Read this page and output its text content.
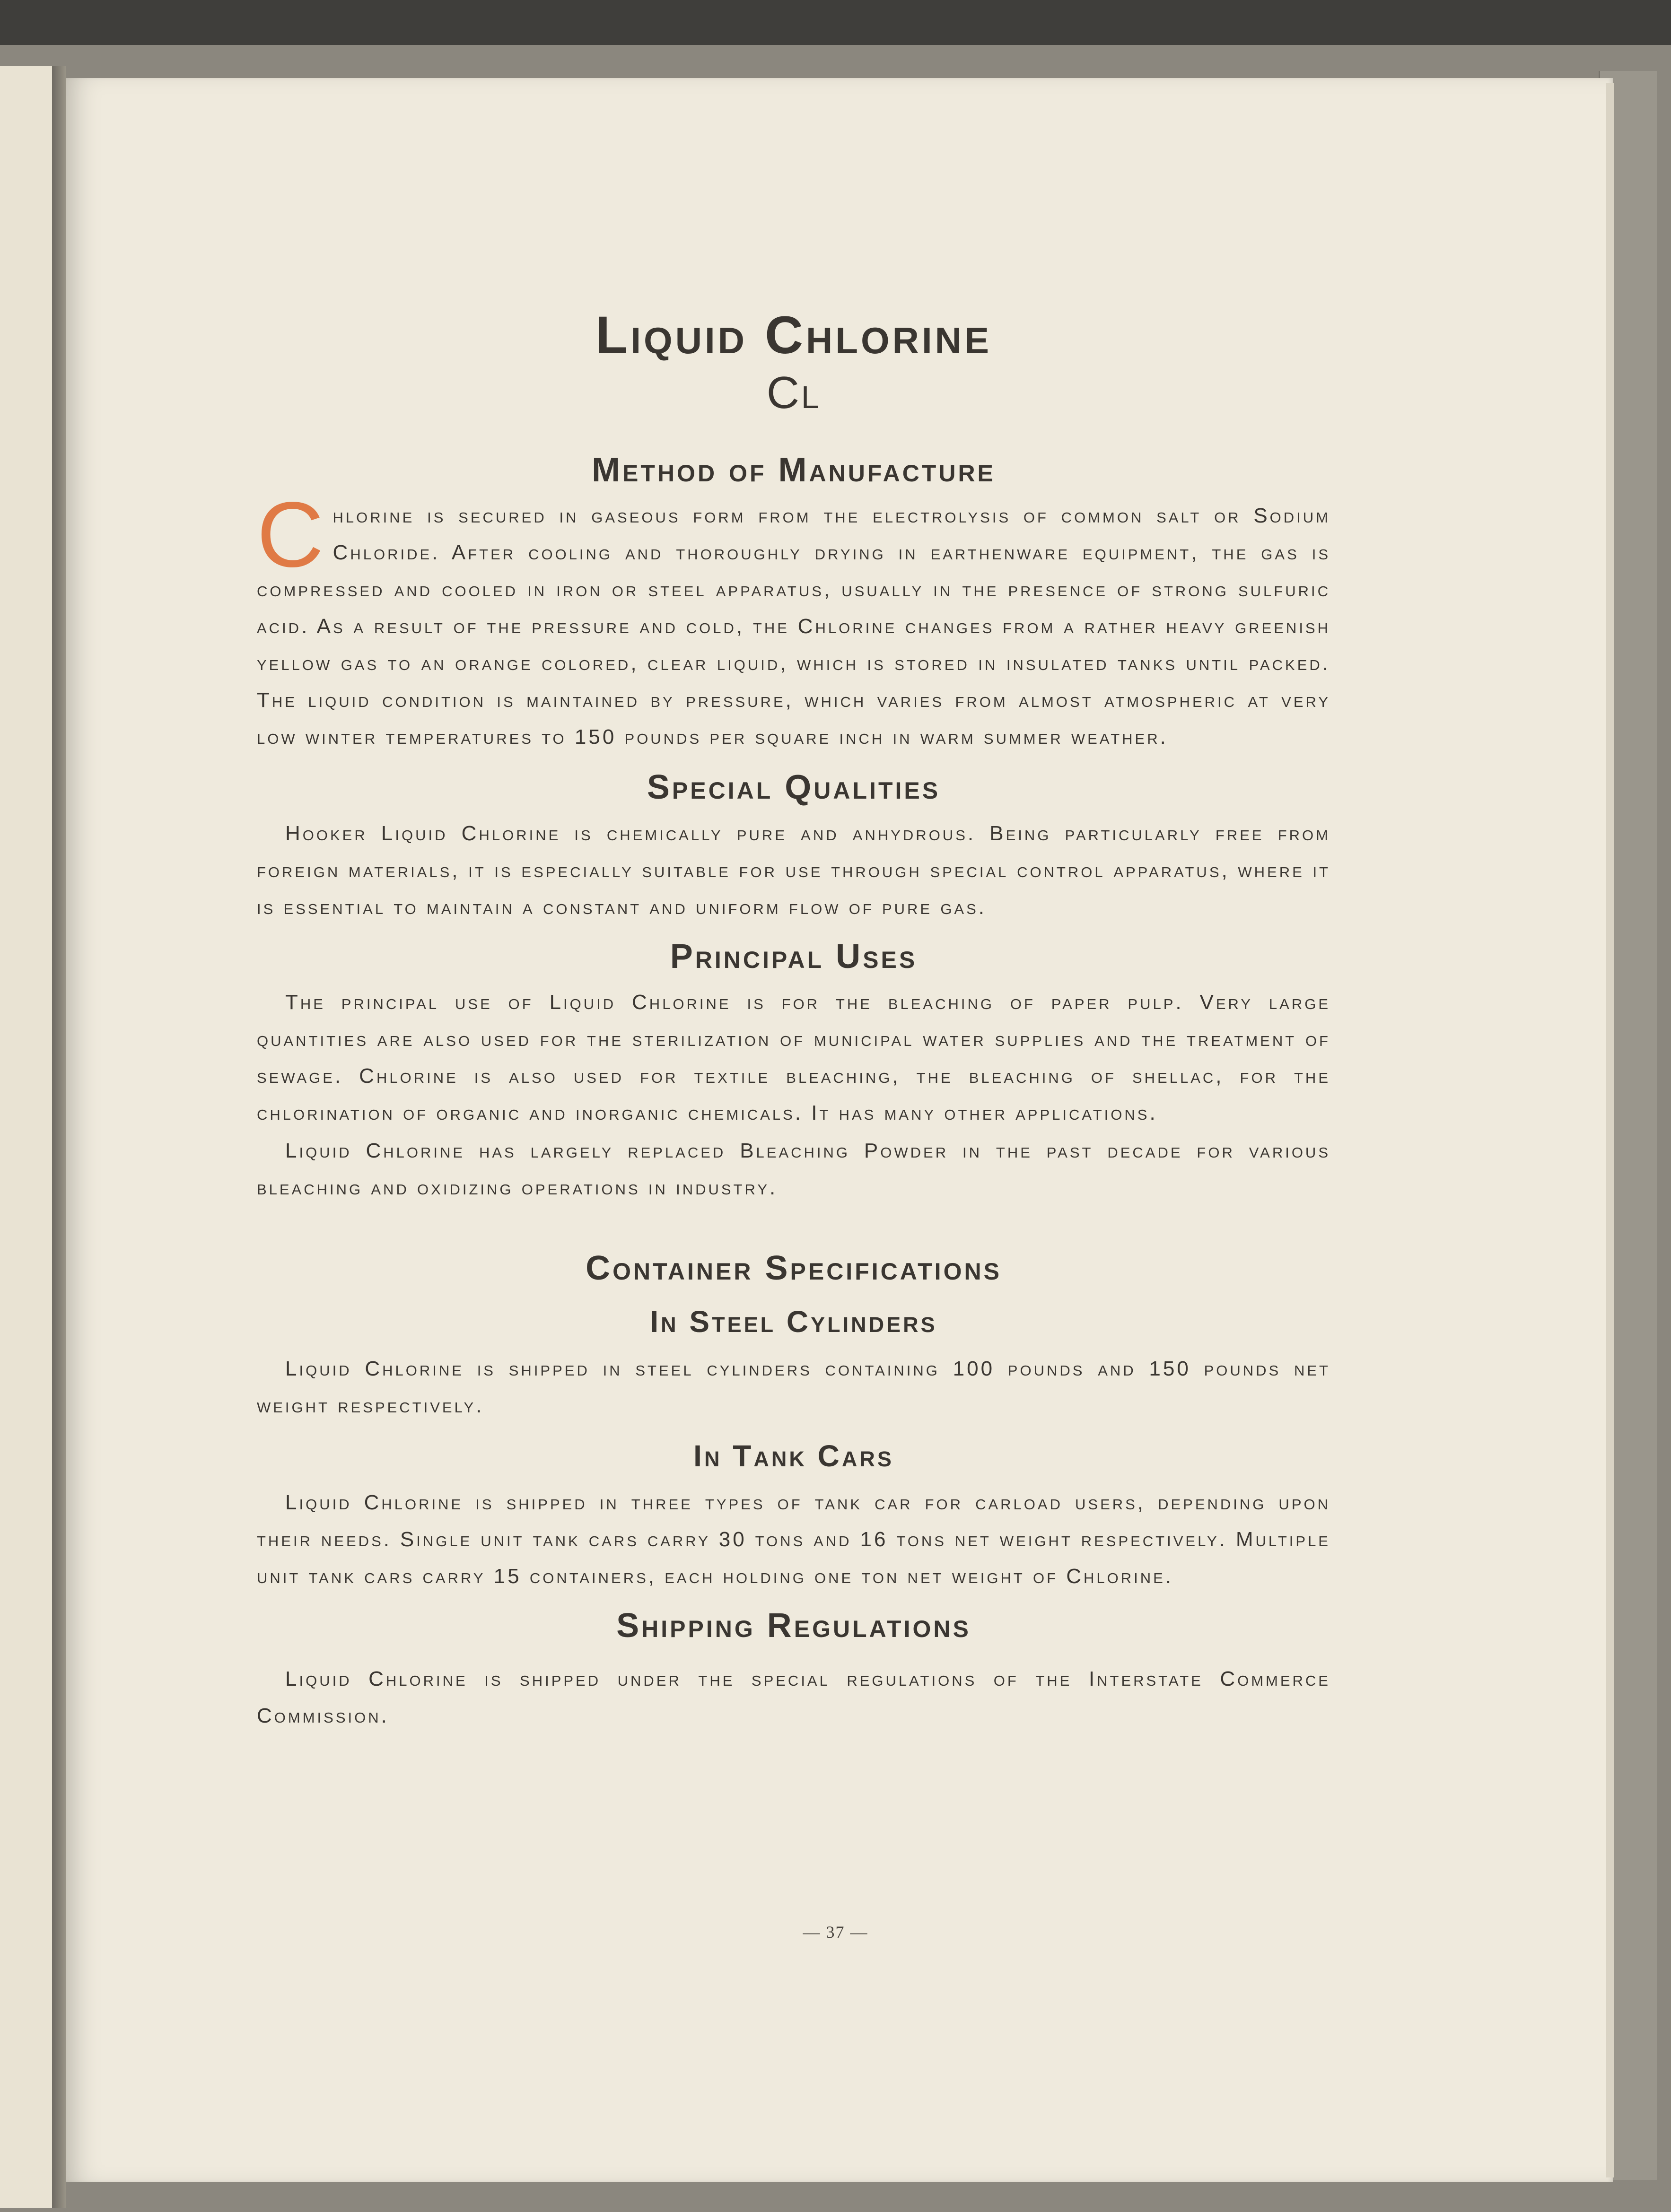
Liquid Chlorine
Cl
Method of Manufacture

Chlorine is secured in gaseous form from the electrolysis of common salt or Sodium Chloride. After cooling and thoroughly drying in earthenware equipment, the gas is compressed and cooled in iron or steel apparatus, usually in the presence of strong sulfuric acid. As a result of the pressure and cold, the Chlorine changes from a rather heavy greenish yellow gas to an orange colored, clear liquid, which is stored in insulated tanks until packed. The liquid condition is maintained by pressure, which varies from almost atmospheric at very low winter temperatures to 150 pounds per square inch in warm summer weather.

Special Qualities

Hooker Liquid Chlorine is chemically pure and anhydrous. Being particularly free from foreign materials, it is especially suitable for use through special control apparatus, where it is essential to maintain a constant and uniform flow of pure gas.

Principal Uses

The principal use of Liquid Chlorine is for the bleaching of paper pulp. Very large quantities are also used for the sterilization of municipal water supplies and the treatment of sewage. Chlorine is also used for textile bleaching, the bleaching of shellac, for the chlorination of organic and inorganic chemicals. It has many other applications.

Liquid Chlorine has largely replaced Bleaching Powder in the past decade for various bleaching and oxidizing operations in industry.

Container Specifications
In Steel Cylinders

Liquid Chlorine is shipped in steel cylinders containing 100 pounds and 150 pounds net weight respectively.

In Tank Cars

Liquid Chlorine is shipped in three types of tank car for carload users, depending upon their needs. Single unit tank cars carry 30 tons and 16 tons net weight respectively. Multiple unit tank cars carry 15 containers, each holding one ton net weight of Chlorine.

Shipping Regulations

Liquid Chlorine is shipped under the special regulations of the Interstate Commerce Commission.

— 37 —
